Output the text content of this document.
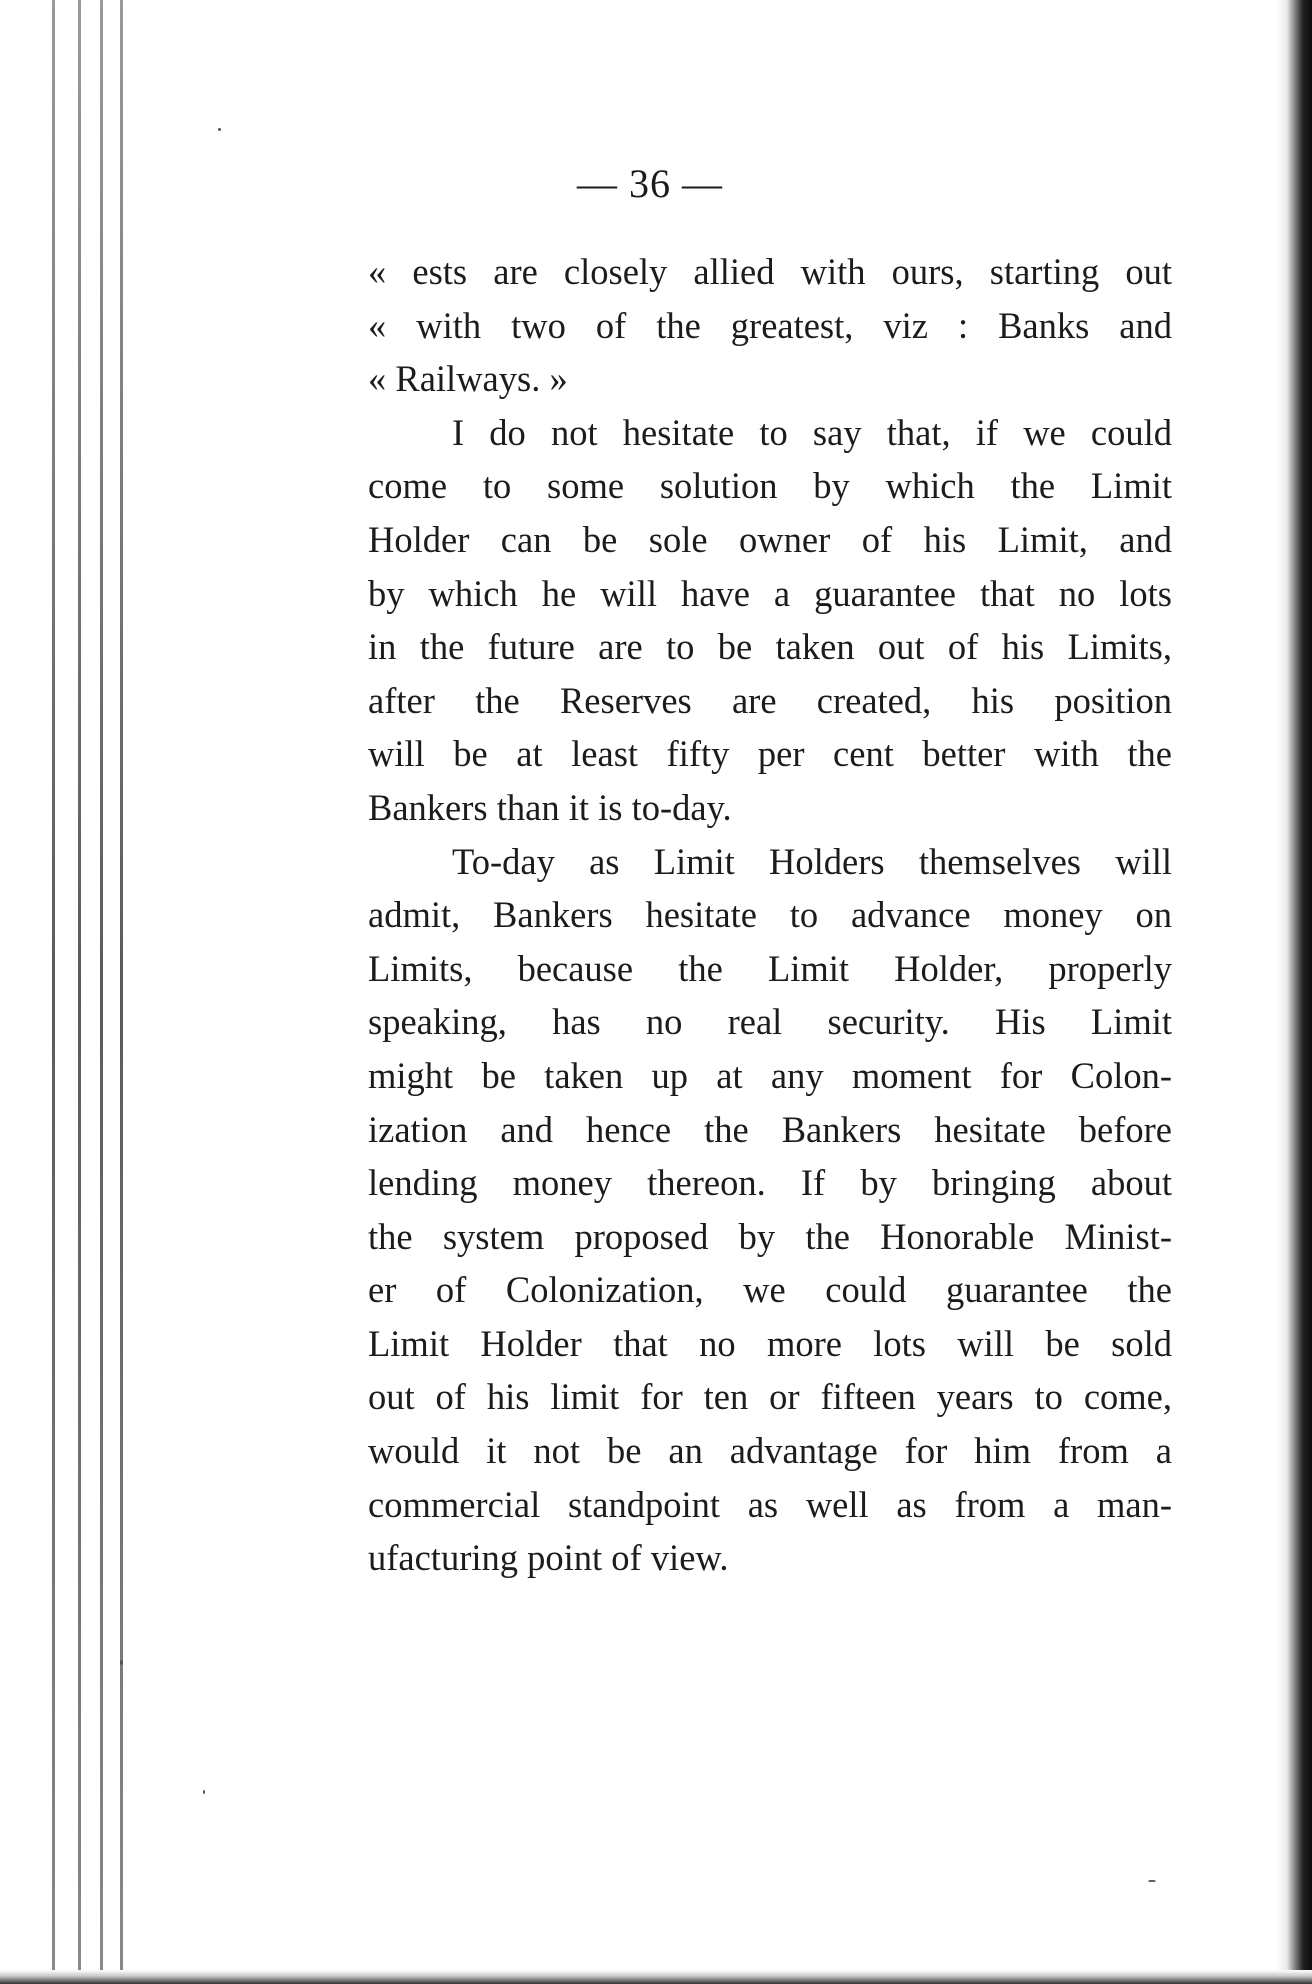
— 36 —
« ests are closely allied with ours, starting out
« with two of the greatest, viz : Banks and
« Railways. »
I do not hesitate to say that, if we could
come to some solution by which the Limit
Holder can be sole owner of his Limit, and
by which he will have a guarantee that no lots
in the future are to be taken out of his Limits,
after the Reserves are created, his position
will be at least fifty per cent better with the
Bankers than it is to-day.
To-day as Limit Holders themselves will
admit, Bankers hesitate to advance money on
Limits, because the Limit Holder, properly
speaking, has no real security. His Limit
might be taken up at any moment for Colon-
ization and hence the Bankers hesitate before
lending money thereon. If by bringing about
the system proposed by the Honorable Minist-
er of Colonization, we could guarantee the
Limit Holder that no more lots will be sold
out of his limit for ten or fifteen years to come,
would it not be an advantage for him from a
commercial standpoint as well as from a man-
ufacturing point of view.
